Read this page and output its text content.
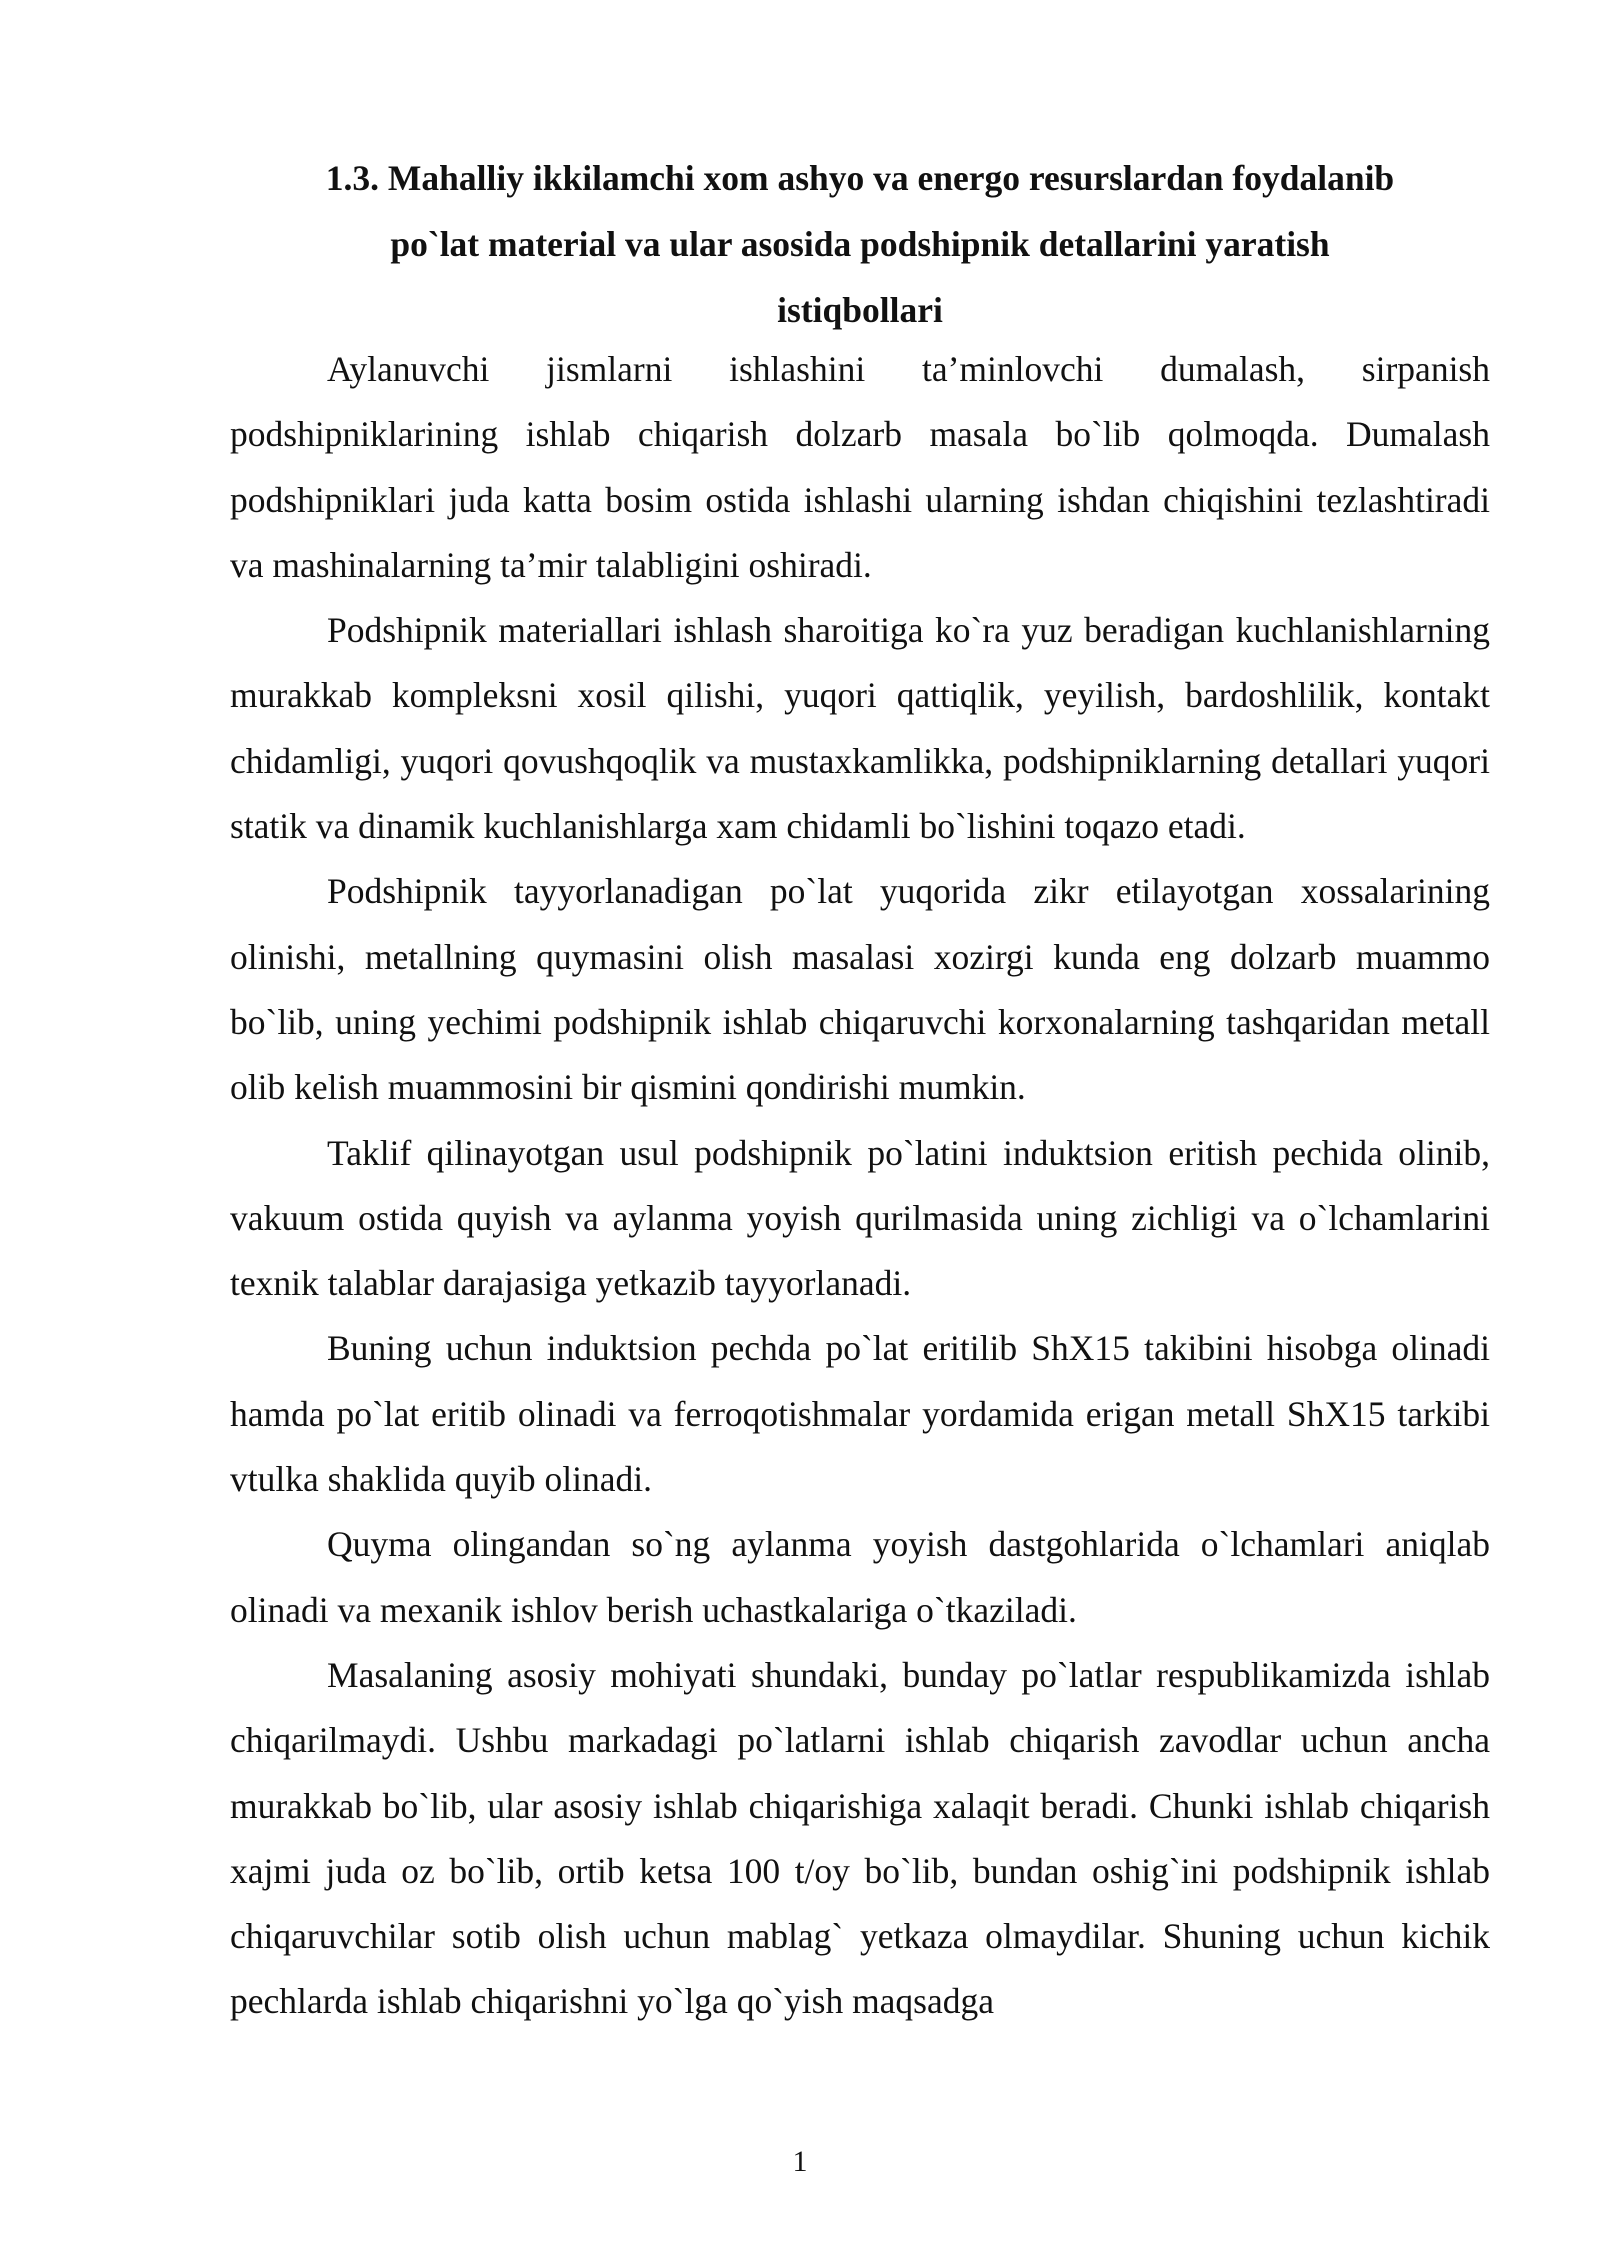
1.3. Mahalliy ikkilamchi xom ashyo va energo resurslardan foydalanib
po`lat material va ular asosida podshipnik detallarini yaratish
istiqbollari

Aylanuvchi jismlarni ishlashini ta’minlovchi dumalash, sirpanish podshipniklarining ishlab chiqarish dolzarb masala bo`lib qolmoqda. Dumalash podshipniklari juda katta bosim ostida ishlashi ularning ishdan chiqishini tezlashtiradi va mashinalarning ta’mir talabligini oshiradi.

Podshipnik materiallari ishlash sharoitiga ko`ra yuz beradigan kuchlanishlarning murakkab kompleksni xosil qilishi, yuqori qattiqlik, yeyilish, bardoshlilik, kontakt chidamligi, yuqori qovushqoqlik va mustaxkamlikka, podshipniklarning detallari yuqori statik va dinamik kuchlanishlarga xam chidamli bo`lishini toqazo etadi.

Podshipnik tayyorlanadigan po`lat yuqorida zikr etilayotgan xossalarining olinishi, metallning quymasini olish masalasi xozirgi kunda eng dolzarb muammo bo`lib, uning yechimi podshipnik ishlab chiqaruvchi korxonalarning tashqaridan metall olib kelish muammosini bir qismini qondirishi mumkin.

Taklif qilinayotgan usul podshipnik po`latini induktsion eritish pechida olinib, vakuum ostida quyish va aylanma yoyish qurilmasida uning zichligi va o`lchamlarini texnik talablar darajasiga yetkazib tayyorlanadi.

Buning uchun induktsion pechda po`lat eritilib ShX15 takibini hisobga olinadi hamda po`lat eritib olinadi va ferroqotishmalar yordamida erigan metall ShX15 tarkibi vtulka shaklida quyib olinadi.

Quyma olingandan so`ng aylanma yoyish dastgohlarida o`lchamlari aniqlab olinadi va mexanik ishlov berish uchastkalariga o`tkaziladi.

Masalaning asosiy mohiyati shundaki, bunday po`latlar respublikamizda ishlab chiqarilmaydi. Ushbu markadagi po`latlarni ishlab chiqarish zavodlar uchun ancha murakkab bo`lib, ular asosiy ishlab chiqarishiga xalaqit beradi. Chunki ishlab chiqarish xajmi juda oz bo`lib, ortib ketsa 100 t/oy bo`lib, bundan oshig`ini podshipnik ishlab chiqaruvchilar sotib olish uchun mablag` yetkaza olmaydilar. Shuning uchun kichik pechlarda ishlab chiqarishni yo`lga qo`yish maqsadga

1
